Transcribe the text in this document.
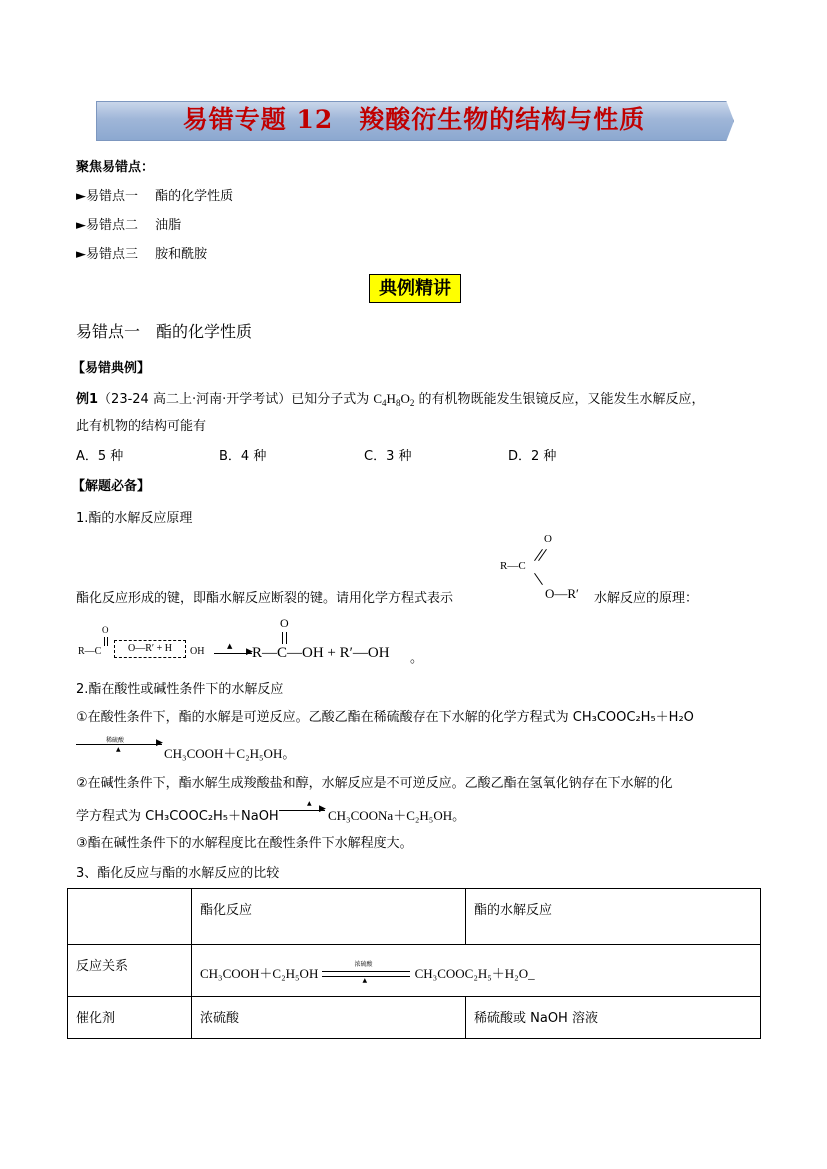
易错专题 12　羧酸衍生物的结构与性质
聚焦易错点：
►易错点一　 酯的化学性质
►易错点二　 油脂
►易错点三　 胺和酰胺
典例精讲
易错点一　酯的化学性质
【易错典例】
例1（23-24 高二上·河南·开学考试）已知分子式为 $C_4H_8O_2$ 的有机物既能发生银镜反应，又能发生水解反应，
此有机物的结构可能有
A．5 种	B．4 种	C．3 种	D．2 种
【解题必备】
1.酯的水解反应原理
O
R—C
O—R′
酯化反应形成的键，即酯水解反应断裂的键。请用化学方程式表示	水解反应的原理：
O
R—C	O—R′ + H	OH	▶
▲
O
R—C—OH + R′—OH 。
2.酯在酸性或碱性条件下的水解反应
①在酸性条件下，酯的水解是可逆反应。乙酸乙酯在稀硫酸存在下水解的化学方程式为 CH₃COOC₂H₅＋H₂O
稀硫酸	▶
▲	CH₃COOH＋C₂H₅OH。
②在碱性条件下，酯水解生成羧酸盐和醇，水解反应是不可逆反应。乙酸乙酯在氢氧化钠存在下水解的化
学方程式为 CH₃COOC₂H₅＋NaOH	▶
▲
CH₃COONa＋C₂H₅OH。
③酯在碱性条件下的水解程度比在酸性条件下水解程度大。
3、酯化反应与酯的水解反应的比较
	酯化反应	酯的水解反应
反应关系	CH₃COOH＋C₂H₅OH
浓硫酸
▲ CH₃COOC₂H₅＋H₂O_	
催化剂	浓硫酸	稀硫酸或 NaOH 溶液
